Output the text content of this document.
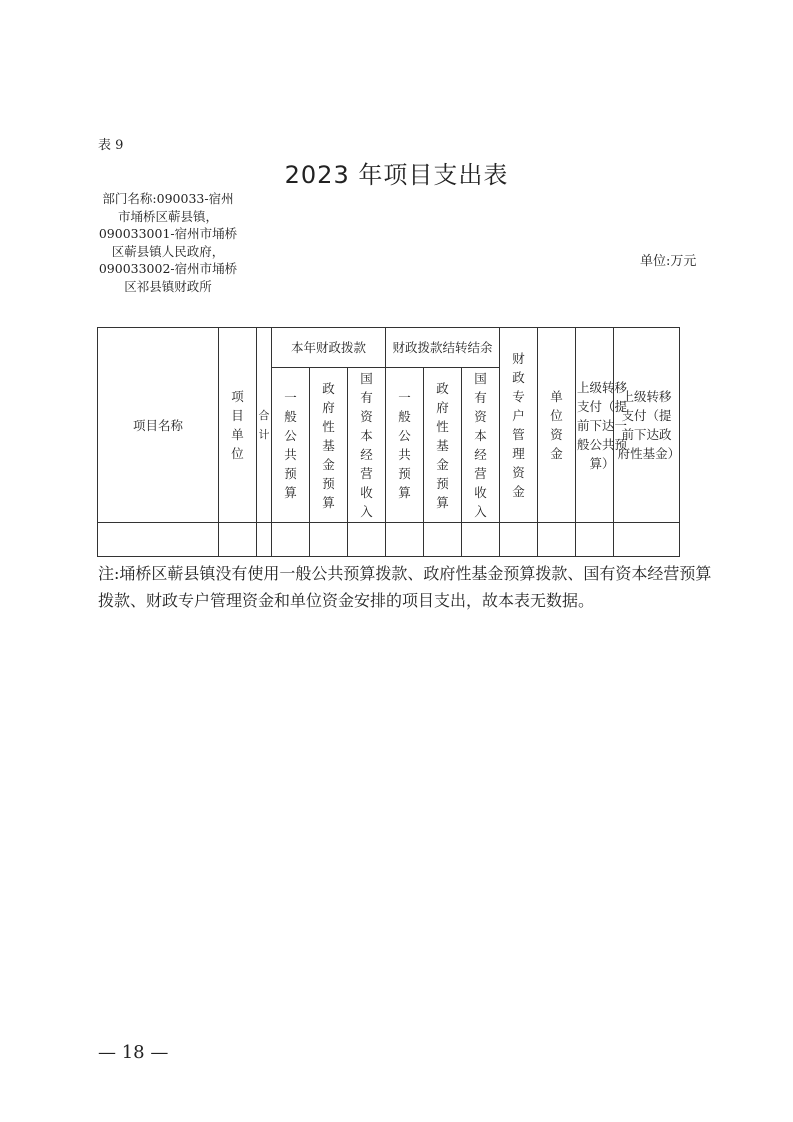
表 9
2023 年项目支出表
部门名称:090033-宿州市埇桥区蕲县镇，090033001-宿州市埇桥区蕲县镇人民政府，090033002-宿州市埇桥区祁县镇财政所
单位:万元
项目名称	项目单位	合计	本年财政拨款			财政拨款结转结余			财政专户管理资金	单位资金	上级转移支付（提前下达一般公共预算）	上级转移支付（提前下达政府性基金）
			一般公共预算	政府性基金预算	国有资本经营收入	一般公共预算	政府性基金预算	国有资本经营收入				

注:埇桥区蕲县镇没有使用一般公共预算拨款、政府性基金预算拨款、国有资本经营预算拨款、财政专户管理资金和单位资金安排的项目支出，故本表无数据。
— 18 —
